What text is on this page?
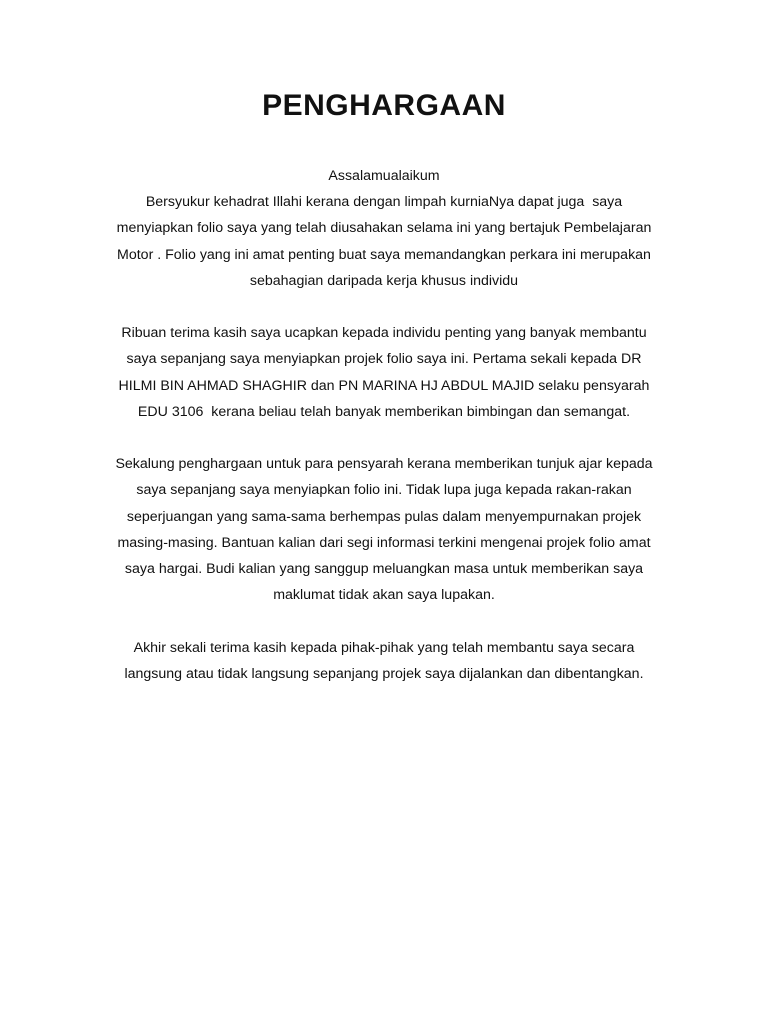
PENGHARGAAN
Assalamualaikum
Bersyukur kehadrat Illahi kerana dengan limpah kurniaNya dapat juga  saya
menyiapkan folio saya yang telah diusahakan selama ini yang bertajuk Pembelajaran
Motor . Folio yang ini amat penting buat saya memandangkan perkara ini merupakan
sebahagian daripada kerja khusus individu
Ribuan terima kasih saya ucapkan kepada individu penting yang banyak membantu
saya sepanjang saya menyiapkan projek folio saya ini. Pertama sekali kepada DR
HILMI BIN AHMAD SHAGHIR dan PN MARINA HJ ABDUL MAJID selaku pensyarah
EDU 3106  kerana beliau telah banyak memberikan bimbingan dan semangat.
Sekalung penghargaan untuk para pensyarah kerana memberikan tunjuk ajar kepada
saya sepanjang saya menyiapkan folio ini. Tidak lupa juga kepada rakan-rakan
seperjuangan yang sama-sama berhempas pulas dalam menyempurnakan projek
masing-masing. Bantuan kalian dari segi informasi terkini mengenai projek folio amat
saya hargai. Budi kalian yang sanggup meluangkan masa untuk memberikan saya
maklumat tidak akan saya lupakan.
Akhir sekali terima kasih kepada pihak-pihak yang telah membantu saya secara
langsung atau tidak langsung sepanjang projek saya dijalankan dan dibentangkan.
